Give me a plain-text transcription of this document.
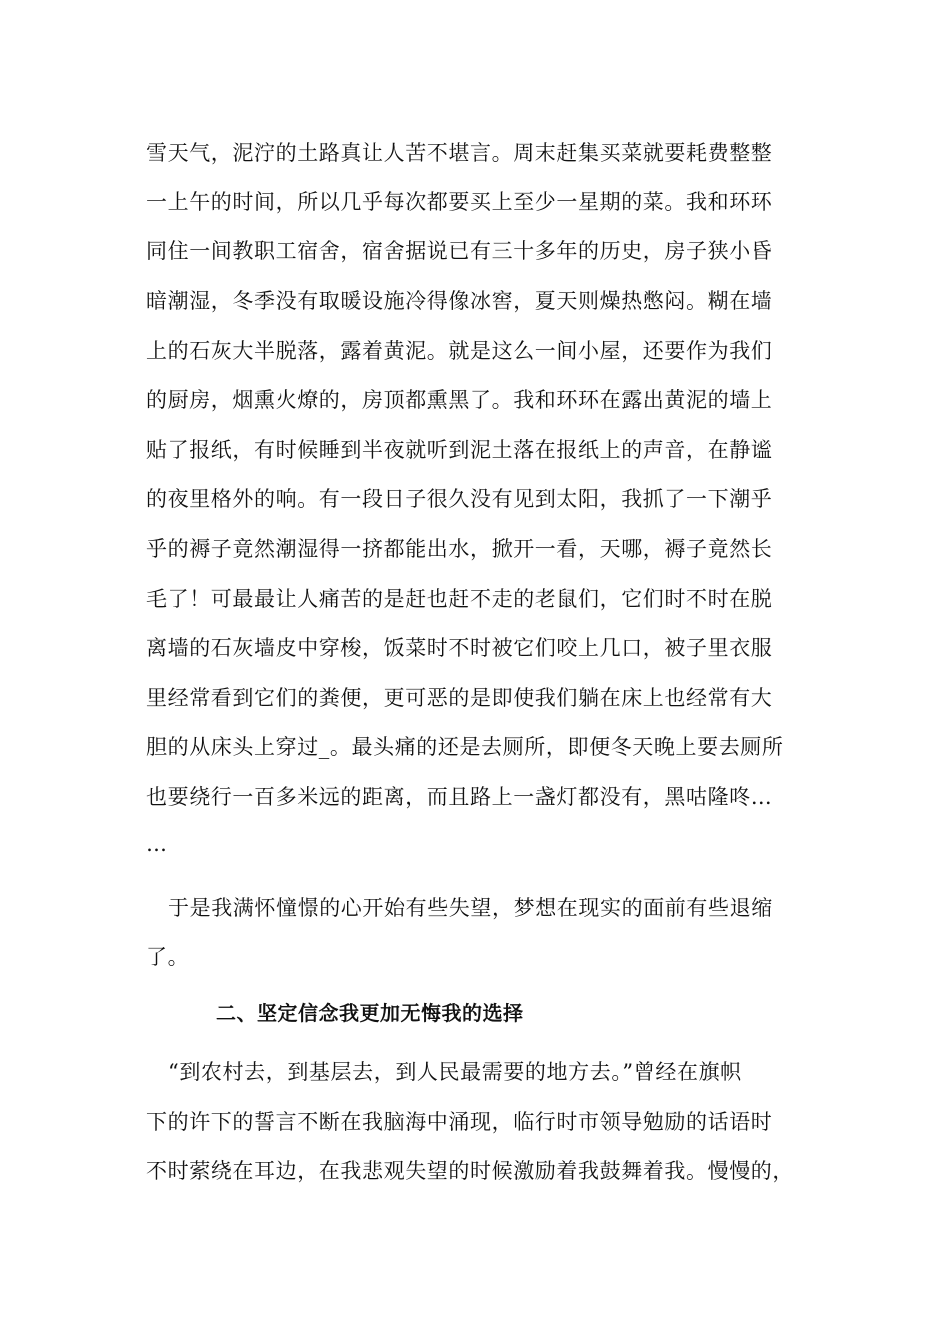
雪天气，泥泞的土路真让人苦不堪言。周末赶集买菜就要耗费整整
一上午的时间，所以几乎每次都要买上至少一星期的菜。我和环环
同住一间教职工宿舍，宿舍据说已有三十多年的历史，房子狭小昏
暗潮湿，冬季没有取暖设施冷得像冰窖，夏天则燥热憋闷。糊在墙
上的石灰大半脱落，露着黄泥。就是这么一间小屋，还要作为我们
的厨房，烟熏火燎的，房顶都熏黑了。我和环环在露出黄泥的墙上
贴了报纸，有时候睡到半夜就听到泥土落在报纸上的声音，在静谧
的夜里格外的响。有一段日子很久没有见到太阳，我抓了一下潮乎
乎的褥子竟然潮湿得一挤都能出水，掀开一看，天哪，褥子竟然长
毛了！可最最让人痛苦的是赶也赶不走的老鼠们，它们时不时在脱
离墙的石灰墙皮中穿梭，饭菜时不时被它们咬上几口，被子里衣服
里经常看到它们的粪便，更可恶的是即使我们躺在床上也经常有大
胆的从床头上穿过_。最头痛的还是去厕所，即便冬天晚上要去厕所
也要绕行一百多米远的距离，而且路上一盏灯都没有，黑咕隆咚…
…
于是我满怀憧憬的心开始有些失望，梦想在现实的面前有些退缩
了。
二、坚定信念我更加无悔我的选择
“到农村去，到基层去，到人民最需要的地方去。”曾经在旗帜
下的许下的誓言不断在我脑海中涌现，临行时市领导勉励的话语时
不时萦绕在耳边，在我悲观失望的时候激励着我鼓舞着我。慢慢的，
